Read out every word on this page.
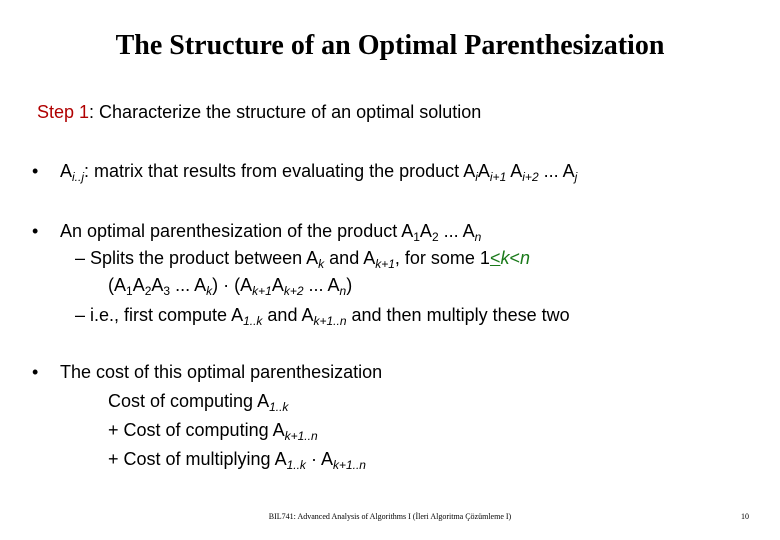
The Structure of an Optimal Parenthesization
Step 1: Characterize the structure of an optimal solution
• $A_{i..j}$: matrix that results from evaluating the product $A_iA_{i+1}$ $A_{i+2}$ ... $A_j$
• An optimal parenthesization of the product $A_1A_2$ ... $A_n$
– Splits the product between $A_k$ and $A_{k+1}$, for some 1≤k<n
($A_1A_2A_3$ ... $A_k) \cdot (A_{k+1}A_{k+2}$ ... $A_n$)
– i.e., first compute $A_{1..k}$ and $A_{k+1..n}$ and then multiply these two
• The cost of this optimal parenthesization
Cost of computing $A_{1..k}$
+ Cost of computing $A_{k+1..n}$
+ Cost of multiplying $A_{1..k} \cdot A_{k+1..n}$
BIL741: Advanced Analysis of Algorithms I (İleri Algoritma Çözümleme I)	10
